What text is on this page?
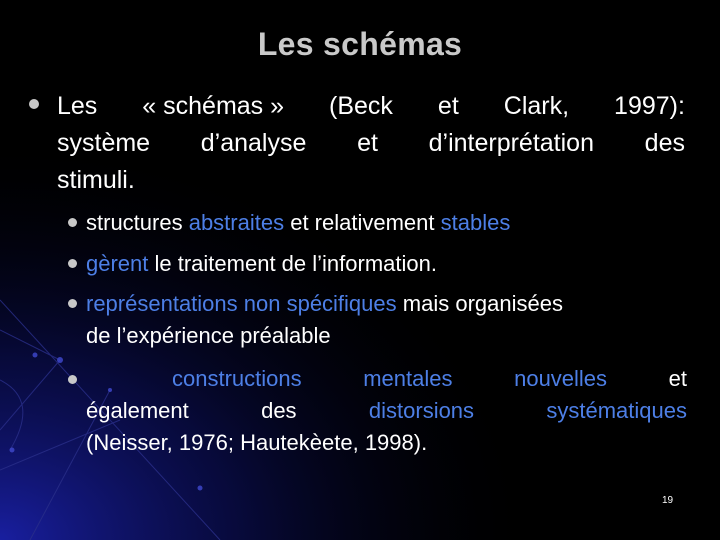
Les schémas
Les « schémas » (Beck et Clark, 1997):
système d’analyse et d’interprétation des
stimuli.
structures abstraites et relativement stables
gèrent le traitement de l’information.
représentations non spécifiques mais organisées
de l’expérience préalable
constructions	mentales	nouvelles	et
également	des	distorsions	systématiques
(Neisser, 1976; Hautekèete, 1998).
19
